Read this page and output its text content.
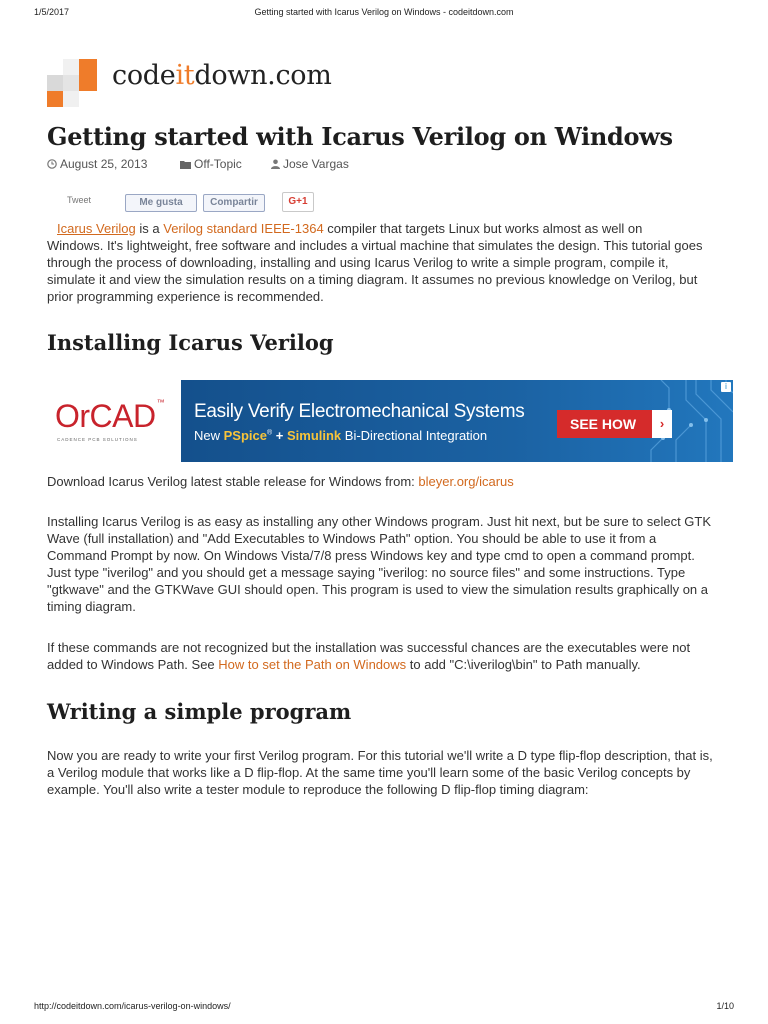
1/5/2017	Getting started with Icarus Verilog on Windows - codeitdown.com
codeitdown.com
Getting started with Icarus Verilog on Windows
August 25, 2013	Off-Topic	Jose Vargas
Tweet	Me gusta	Compartir	G+1

Icarus Verilog is a Verilog standard IEEE-1364 compiler that targets Linux but works almost as well on
Windows. It's lightweight, free software and includes a virtual machine that simulates the design. This tutorial goes through the process of downloading, installing and using Icarus Verilog to write a simple program, compile it, simulate it and view the simulation results on a timing diagram. It assumes no previous knowledge on Verilog, but prior programming experience is recommended.

Installing Icarus Verilog
OrCAD™
CADENCE PCB SOLUTIONS
Easily Verify Electromechanical Systems
New PSpice® + Simulink Bi-Directional Integration
SEE HOW	›
i

Download Icarus Verilog latest stable release for Windows from: bleyer.org/icarus

Installing Icarus Verilog is as easy as installing any other Windows program. Just hit next, but be sure to select GTK Wave (full installation) and "Add Executables to Windows Path" option. You should be able to use it from a Command Prompt by now. On Windows Vista/7/8 press Windows key and type cmd to open a command prompt. Just type "iverilog" and you should get a message saying "iverilog: no source files" and some instructions. Type "gtkwave" and the GTKWave GUI should open. This program is used to view the simulation results graphically on a timing diagram.

If these commands are not recognized but the installation was successful chances are the executables were not added to Windows Path. See How to set the Path on Windows to add "C:\iverilog\bin" to Path manually.

Writing a simple program

Now you are ready to write your first Verilog program. For this tutorial we'll write a D type flip-flop description, that is, a Verilog module that works like a D flip-flop. At the same time you'll learn some of the basic Verilog concepts by example. You'll also write a tester module to reproduce the following D flip-flop timing diagram:

http://codeitdown.com/icarus-verilog-on-windows/	1/10
